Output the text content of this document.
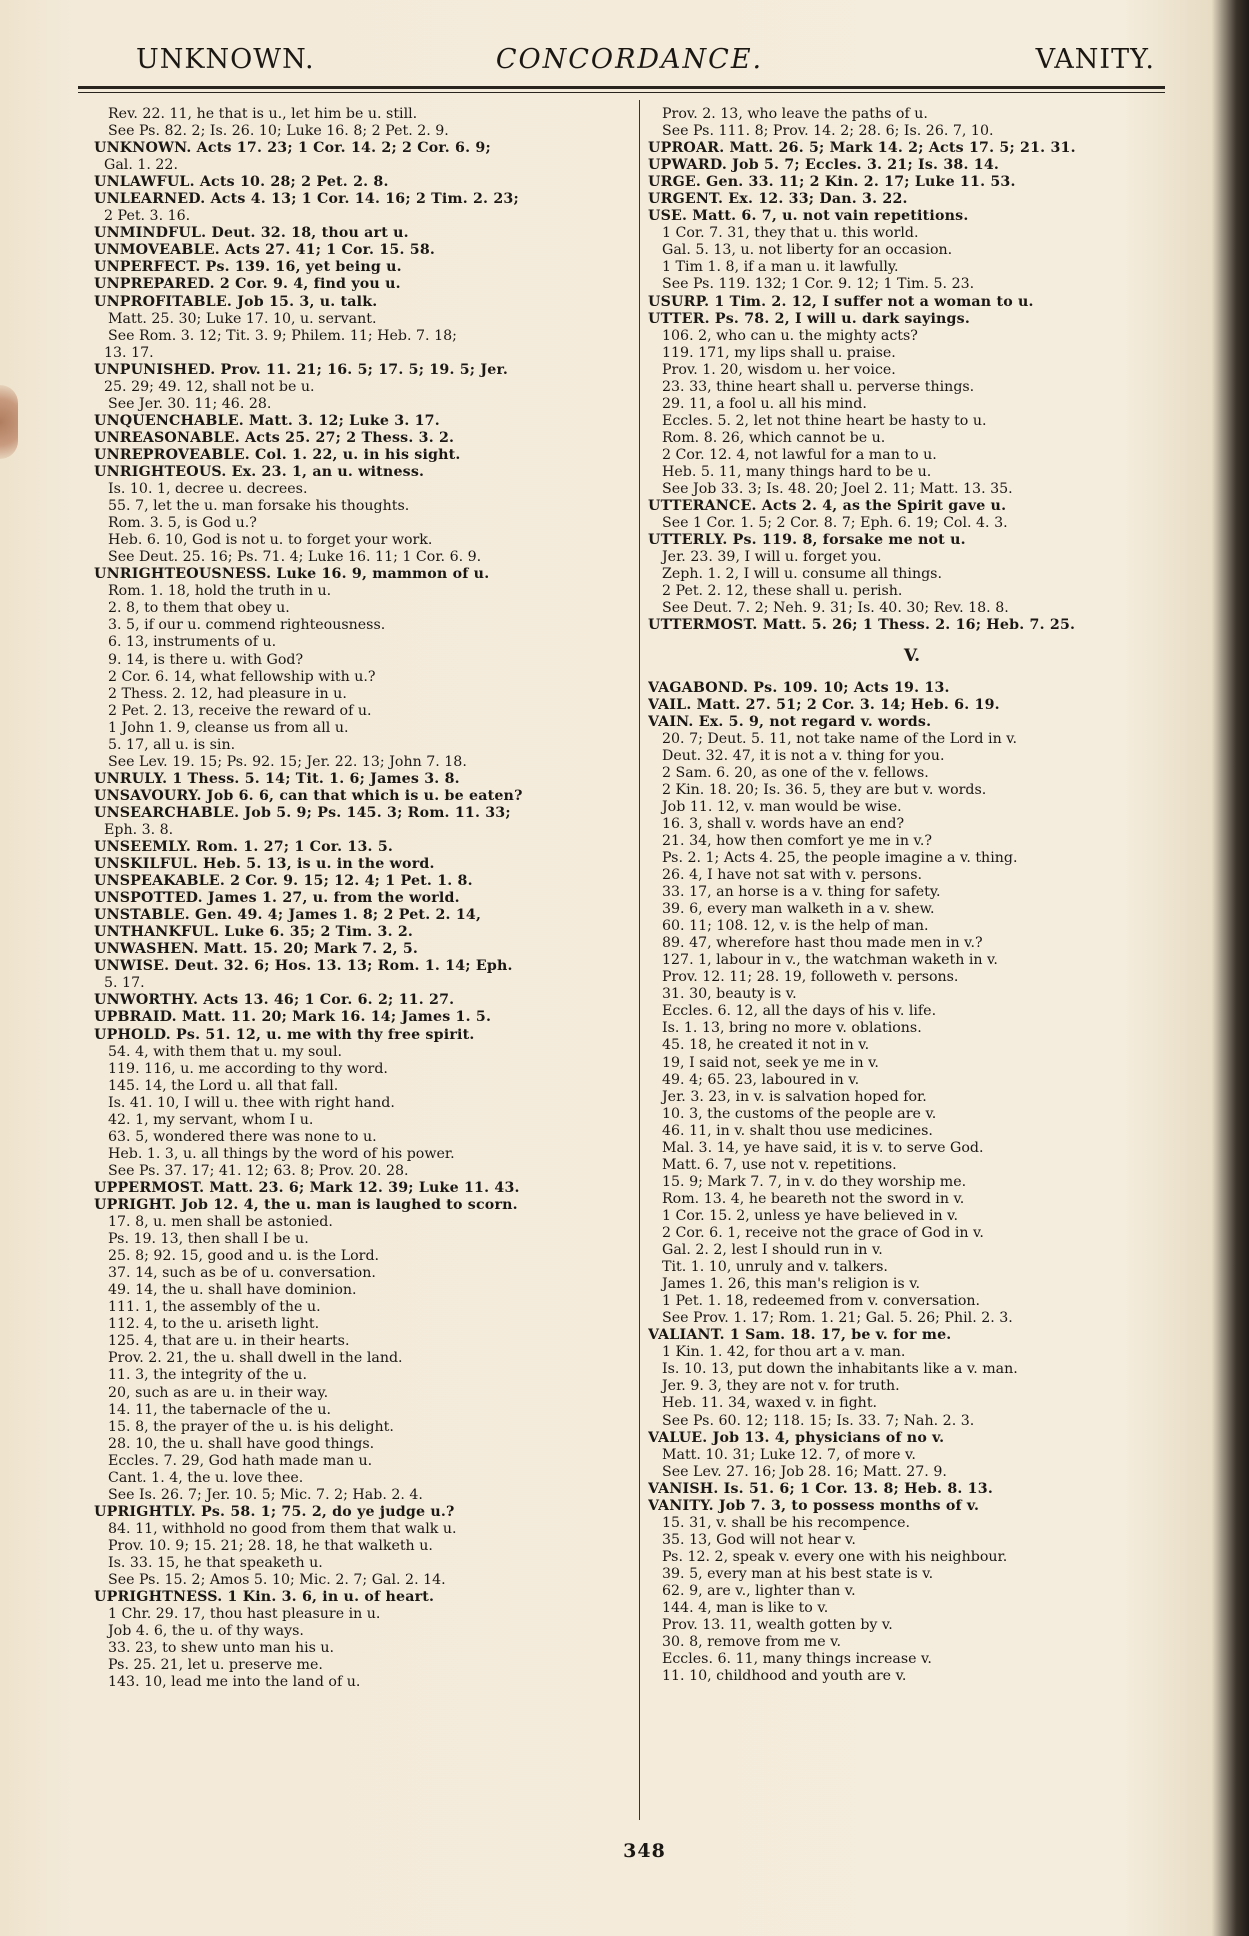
CONCORDANCE.
UNKNOWN.	VANITY.
Rev. 22. 11, he that is u., let him be u. still.
See Ps. 82. 2; Is. 26. 10; Luke 16. 8; 2 Pet. 2. 9.
UNKNOWN. Acts 17. 23; 1 Cor. 14. 2; 2 Cor. 6. 9;
Gal. 1. 22.
UNLAWFUL. Acts 10. 28; 2 Pet. 2. 8.
UNLEARNED. Acts 4. 13; 1 Cor. 14. 16; 2 Tim. 2. 23;
2 Pet. 3. 16.
UNMINDFUL. Deut. 32. 18, thou art u.
UNMOVEABLE. Acts 27. 41; 1 Cor. 15. 58.
UNPERFECT. Ps. 139. 16, yet being u.
UNPREPARED. 2 Cor. 9. 4, find you u.
UNPROFITABLE. Job 15. 3, u. talk.
Matt. 25. 30; Luke 17. 10, u. servant.
See Rom. 3. 12; Tit. 3. 9; Philem. 11; Heb. 7. 18;
13. 17.
UNPUNISHED. Prov. 11. 21; 16. 5; 17. 5; 19. 5; Jer.
25. 29; 49. 12, shall not be u.
See Jer. 30. 11; 46. 28.
UNQUENCHABLE. Matt. 3. 12; Luke 3. 17.
UNREASONABLE. Acts 25. 27; 2 Thess. 3. 2.
UNREPROVEABLE. Col. 1. 22, u. in his sight.
UNRIGHTEOUS. Ex. 23. 1, an u. witness.
Is. 10. 1, decree u. decrees.
55. 7, let the u. man forsake his thoughts.
Rom. 3. 5, is God u.?
Heb. 6. 10, God is not u. to forget your work.
See Deut. 25. 16; Ps. 71. 4; Luke 16. 11; 1 Cor. 6. 9.
UNRIGHTEOUSNESS. Luke 16. 9, mammon of u.
Rom. 1. 18, hold the truth in u.
2. 8, to them that obey u.
3. 5, if our u. commend righteousness.
6. 13, instruments of u.
9. 14, is there u. with God?
2 Cor. 6. 14, what fellowship with u.?
2 Thess. 2. 12, had pleasure in u.
2 Pet. 2. 13, receive the reward of u.
1 John 1. 9, cleanse us from all u.
5. 17, all u. is sin.
See Lev. 19. 15; Ps. 92. 15; Jer. 22. 13; John 7. 18.
UNRULY. 1 Thess. 5. 14; Tit. 1. 6; James 3. 8.
UNSAVOURY. Job 6. 6, can that which is u. be eaten?
UNSEARCHABLE. Job 5. 9; Ps. 145. 3; Rom. 11. 33;
Eph. 3. 8.
UNSEEMLY. Rom. 1. 27; 1 Cor. 13. 5.
UNSKILFUL. Heb. 5. 13, is u. in the word.
UNSPEAKABLE. 2 Cor. 9. 15; 12. 4; 1 Pet. 1. 8.
UNSPOTTED. James 1. 27, u. from the world.
UNSTABLE. Gen. 49. 4; James 1. 8; 2 Pet. 2. 14,
UNTHANKFUL. Luke 6. 35; 2 Tim. 3. 2.
UNWASHEN. Matt. 15. 20; Mark 7. 2, 5.
UNWISE. Deut. 32. 6; Hos. 13. 13; Rom. 1. 14; Eph.
5. 17.
UNWORTHY. Acts 13. 46; 1 Cor. 6. 2; 11. 27.
UPBRAID. Matt. 11. 20; Mark 16. 14; James 1. 5.
UPHOLD. Ps. 51. 12, u. me with thy free spirit.
54. 4, with them that u. my soul.
119. 116, u. me according to thy word.
145. 14, the Lord u. all that fall.
Is. 41. 10, I will u. thee with right hand.
42. 1, my servant, whom I u.
63. 5, wondered there was none to u.
Heb. 1. 3, u. all things by the word of his power.
See Ps. 37. 17; 41. 12; 63. 8; Prov. 20. 28.
UPPERMOST. Matt. 23. 6; Mark 12. 39; Luke 11. 43.
UPRIGHT. Job 12. 4, the u. man is laughed to scorn.
17. 8, u. men shall be astonied.
Ps. 19. 13, then shall I be u.
25. 8; 92. 15, good and u. is the Lord.
37. 14, such as be of u. conversation.
49. 14, the u. shall have dominion.
111. 1, the assembly of the u.
112. 4, to the u. ariseth light.
125. 4, that are u. in their hearts.
Prov. 2. 21, the u. shall dwell in the land.
11. 3, the integrity of the u.
20, such as are u. in their way.
14. 11, the tabernacle of the u.
15. 8, the prayer of the u. is his delight.
28. 10, the u. shall have good things.
Eccles. 7. 29, God hath made man u.
Cant. 1. 4, the u. love thee.
See Is. 26. 7; Jer. 10. 5; Mic. 7. 2; Hab. 2. 4.
UPRIGHTLY. Ps. 58. 1; 75. 2, do ye judge u.?
84. 11, withhold no good from them that walk u.
Prov. 10. 9; 15. 21; 28. 18, he that walketh u.
Is. 33. 15, he that speaketh u.
See Ps. 15. 2; Amos 5. 10; Mic. 2. 7; Gal. 2. 14.
UPRIGHTNESS. 1 Kin. 3. 6, in u. of heart.
1 Chr. 29. 17, thou hast pleasure in u.
Job 4. 6, the u. of thy ways.
33. 23, to shew unto man his u.
Ps. 25. 21, let u. preserve me.
143. 10, lead me into the land of u.
Prov. 2. 13, who leave the paths of u.
See Ps. 111. 8; Prov. 14. 2; 28. 6; Is. 26. 7, 10.
UPROAR. Matt. 26. 5; Mark 14. 2; Acts 17. 5; 21. 31.
UPWARD. Job 5. 7; Eccles. 3. 21; Is. 38. 14.
URGE. Gen. 33. 11; 2 Kin. 2. 17; Luke 11. 53.
URGENT. Ex. 12. 33; Dan. 3. 22.
USE. Matt. 6. 7, u. not vain repetitions.
1 Cor. 7. 31, they that u. this world.
Gal. 5. 13, u. not liberty for an occasion.
1 Tim 1. 8, if a man u. it lawfully.
See Ps. 119. 132; 1 Cor. 9. 12; 1 Tim. 5. 23.
USURP. 1 Tim. 2. 12, I suffer not a woman to u.
UTTER. Ps. 78. 2, I will u. dark sayings.
106. 2, who can u. the mighty acts?
119. 171, my lips shall u. praise.
Prov. 1. 20, wisdom u. her voice.
23. 33, thine heart shall u. perverse things.
29. 11, a fool u. all his mind.
Eccles. 5. 2, let not thine heart be hasty to u.
Rom. 8. 26, which cannot be u.
2 Cor. 12. 4, not lawful for a man to u.
Heb. 5. 11, many things hard to be u.
See Job 33. 3; Is. 48. 20; Joel 2. 11; Matt. 13. 35.
UTTERANCE. Acts 2. 4, as the Spirit gave u.
See 1 Cor. 1. 5; 2 Cor. 8. 7; Eph. 6. 19; Col. 4. 3.
UTTERLY. Ps. 119. 8, forsake me not u.
Jer. 23. 39, I will u. forget you.
Zeph. 1. 2, I will u. consume all things.
2 Pet. 2. 12, these shall u. perish.
See Deut. 7. 2; Neh. 9. 31; Is. 40. 30; Rev. 18. 8.
UTTERMOST. Matt. 5. 26; 1 Thess. 2. 16; Heb. 7. 25.
V.
VAGABOND. Ps. 109. 10; Acts 19. 13.
VAIL. Matt. 27. 51; 2 Cor. 3. 14; Heb. 6. 19.
VAIN. Ex. 5. 9, not regard v. words.
20. 7; Deut. 5. 11, not take name of the Lord in v.
Deut. 32. 47, it is not a v. thing for you.
2 Sam. 6. 20, as one of the v. fellows.
2 Kin. 18. 20; Is. 36. 5, they are but v. words.
Job 11. 12, v. man would be wise.
16. 3, shall v. words have an end?
21. 34, how then comfort ye me in v.?
Ps. 2. 1; Acts 4. 25, the people imagine a v. thing.
26. 4, I have not sat with v. persons.
33. 17, an horse is a v. thing for safety.
39. 6, every man walketh in a v. shew.
60. 11; 108. 12, v. is the help of man.
89. 47, wherefore hast thou made men in v.?
127. 1, labour in v., the watchman waketh in v.
Prov. 12. 11; 28. 19, followeth v. persons.
31. 30, beauty is v.
Eccles. 6. 12, all the days of his v. life.
Is. 1. 13, bring no more v. oblations.
45. 18, he created it not in v.
19, I said not, seek ye me in v.
49. 4; 65. 23, laboured in v.
Jer. 3. 23, in v. is salvation hoped for.
10. 3, the customs of the people are v.
46. 11, in v. shalt thou use medicines.
Mal. 3. 14, ye have said, it is v. to serve God.
Matt. 6. 7, use not v. repetitions.
15. 9; Mark 7. 7, in v. do they worship me.
Rom. 13. 4, he beareth not the sword in v.
1 Cor. 15. 2, unless ye have believed in v.
2 Cor. 6. 1, receive not the grace of God in v.
Gal. 2. 2, lest I should run in v.
Tit. 1. 10, unruly and v. talkers.
James 1. 26, this man's religion is v.
1 Pet. 1. 18, redeemed from v. conversation.
See Prov. 1. 17; Rom. 1. 21; Gal. 5. 26; Phil. 2. 3.
VALIANT. 1 Sam. 18. 17, be v. for me.
1 Kin. 1. 42, for thou art a v. man.
Is. 10. 13, put down the inhabitants like a v. man.
Jer. 9. 3, they are not v. for truth.
Heb. 11. 34, waxed v. in fight.
See Ps. 60. 12; 118. 15; Is. 33. 7; Nah. 2. 3.
VALUE. Job 13. 4, physicians of no v.
Matt. 10. 31; Luke 12. 7, of more v.
See Lev. 27. 16; Job 28. 16; Matt. 27. 9.
VANISH. Is. 51. 6; 1 Cor. 13. 8; Heb. 8. 13.
VANITY. Job 7. 3, to possess months of v.
15. 31, v. shall be his recompence.
35. 13, God will not hear v.
Ps. 12. 2, speak v. every one with his neighbour.
39. 5, every man at his best state is v.
62. 9, are v., lighter than v.
144. 4, man is like to v.
Prov. 13. 11, wealth gotten by v.
30. 8, remove from me v.
Eccles. 6. 11, many things increase v.
11. 10, childhood and youth are v.
348
